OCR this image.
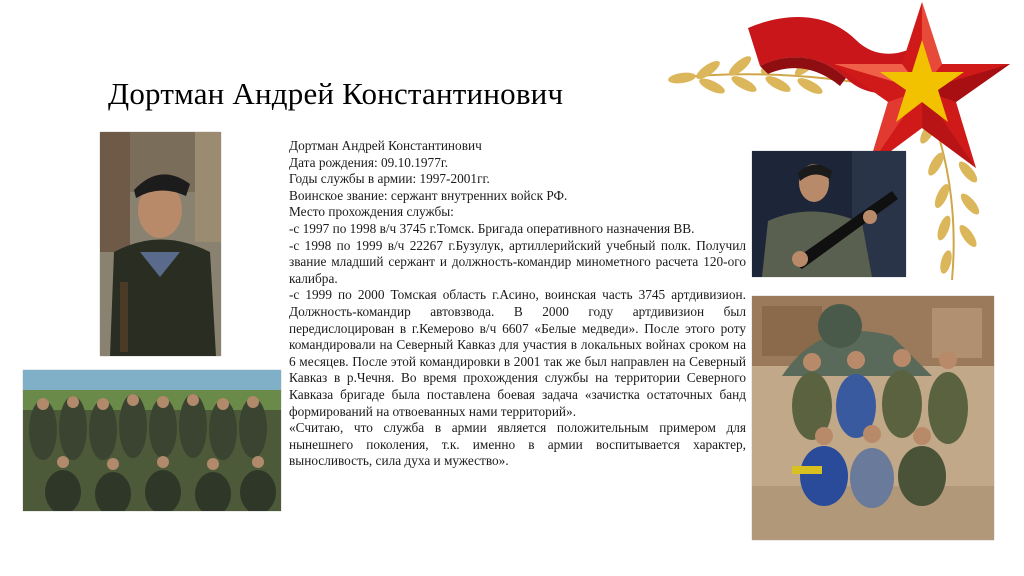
Дортман Андрей Константинович
Дортман Андрей Константинович
Дата рождения: 09.10.1977г.
Годы службы в армии: 1997-2001гг.
Воинское звание: сержант внутренних войск РФ.
Место прохождения службы:
-с 1997 по 1998 в/ч 3745 г.Томск. Бригада оперативного назначения ВВ.
-с 1998 по 1999 в/ч 22267 г.Бузулук, артиллерийский учебный полк. Получил звание младший сержант и должность-командир минометного расчета 120-ого калибра.
-с 1999 по 2000 Томская область г.Асино, воинская часть 3745 артдивизион. Должность-командир автовзвода. В 2000 году артдивизион был передислоцирован в г.Кемерово в/ч 6607 «Белые медведи». После этого роту командировали на Северный Кавказ для участия в локальных войнах сроком на 6 месяцев. После этой командировки в 2001 так же был направлен на Северный Кавказ в р.Чечня. Во время прохождения службы на территории Северного Кавказа бригаде была поставлена боевая задача «зачистка остаточных банд формирований на отвоеванных нами территорий».
«Считаю, что служба в армии является положительным примером для нынешнего поколения, т.к. именно в армии воспитывается характер, выносливость, сила духа и мужество».
